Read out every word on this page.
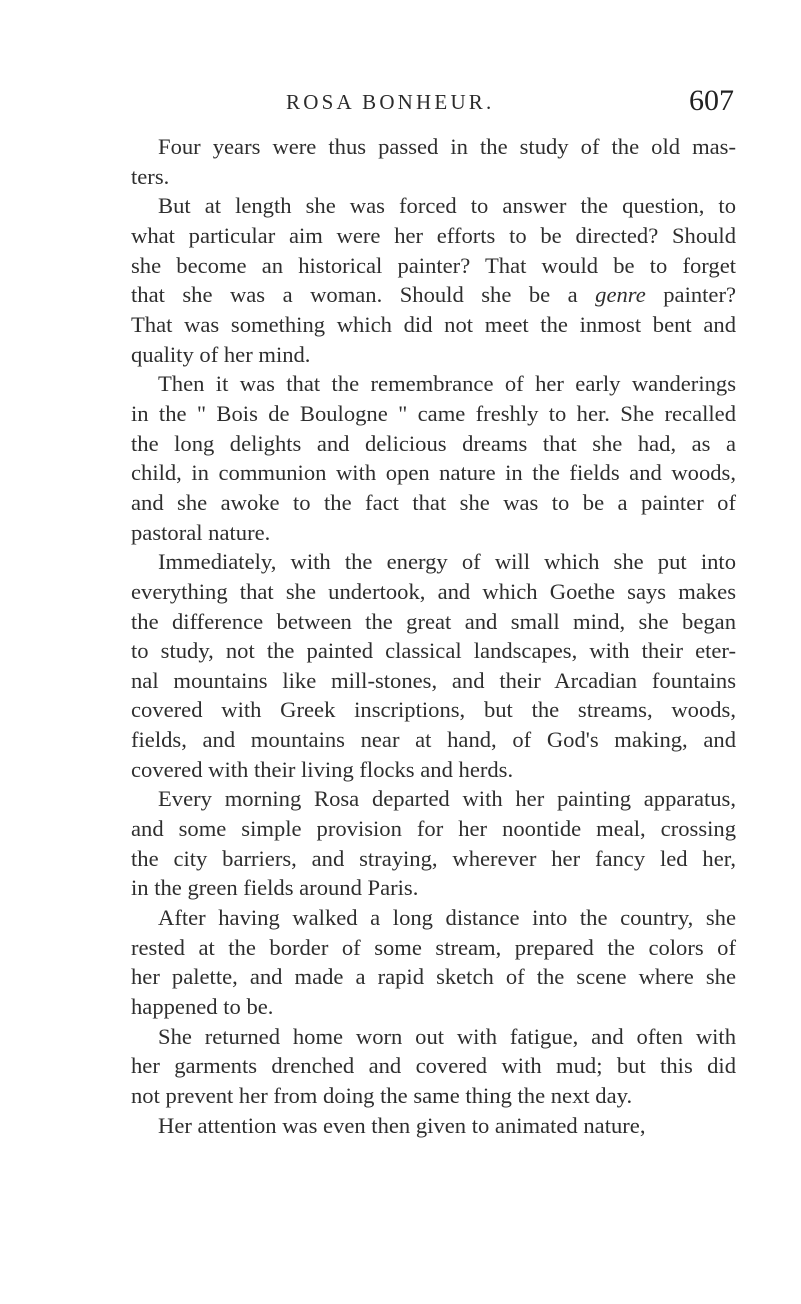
ROSA BONHEUR.	607
Four years were thus passed in the study of the old mas-
ters.
But at length she was forced to answer the question, to
what particular aim were her efforts to be directed? Should
she become an historical painter? That would be to forget
that she was a woman. Should she be a genre painter?
That was something which did not meet the inmost bent and
quality of her mind.
Then it was that the remembrance of her early wanderings
in the " Bois de Boulogne " came freshly to her. She recalled
the long delights and delicious dreams that she had, as a
child, in communion with open nature in the fields and woods,
and she awoke to the fact that she was to be a painter of
pastoral nature.
Immediately, with the energy of will which she put into
everything that she undertook, and which Goethe says makes
the difference between the great and small mind, she began
to study, not the painted classical landscapes, with their eter-
nal mountains like mill-stones, and their Arcadian fountains
covered with Greek inscriptions, but the streams, woods,
fields, and mountains near at hand, of God's making, and
covered with their living flocks and herds.
Every morning Rosa departed with her painting apparatus,
and some simple provision for her noontide meal, crossing
the city barriers, and straying, wherever her fancy led her,
in the green fields around Paris.
After having walked a long distance into the country, she
rested at the border of some stream, prepared the colors of
her palette, and made a rapid sketch of the scene where she
happened to be.
She returned home worn out with fatigue, and often with
her garments drenched and covered with mud; but this did
not prevent her from doing the same thing the next day.
Her attention was even then given to animated nature,
